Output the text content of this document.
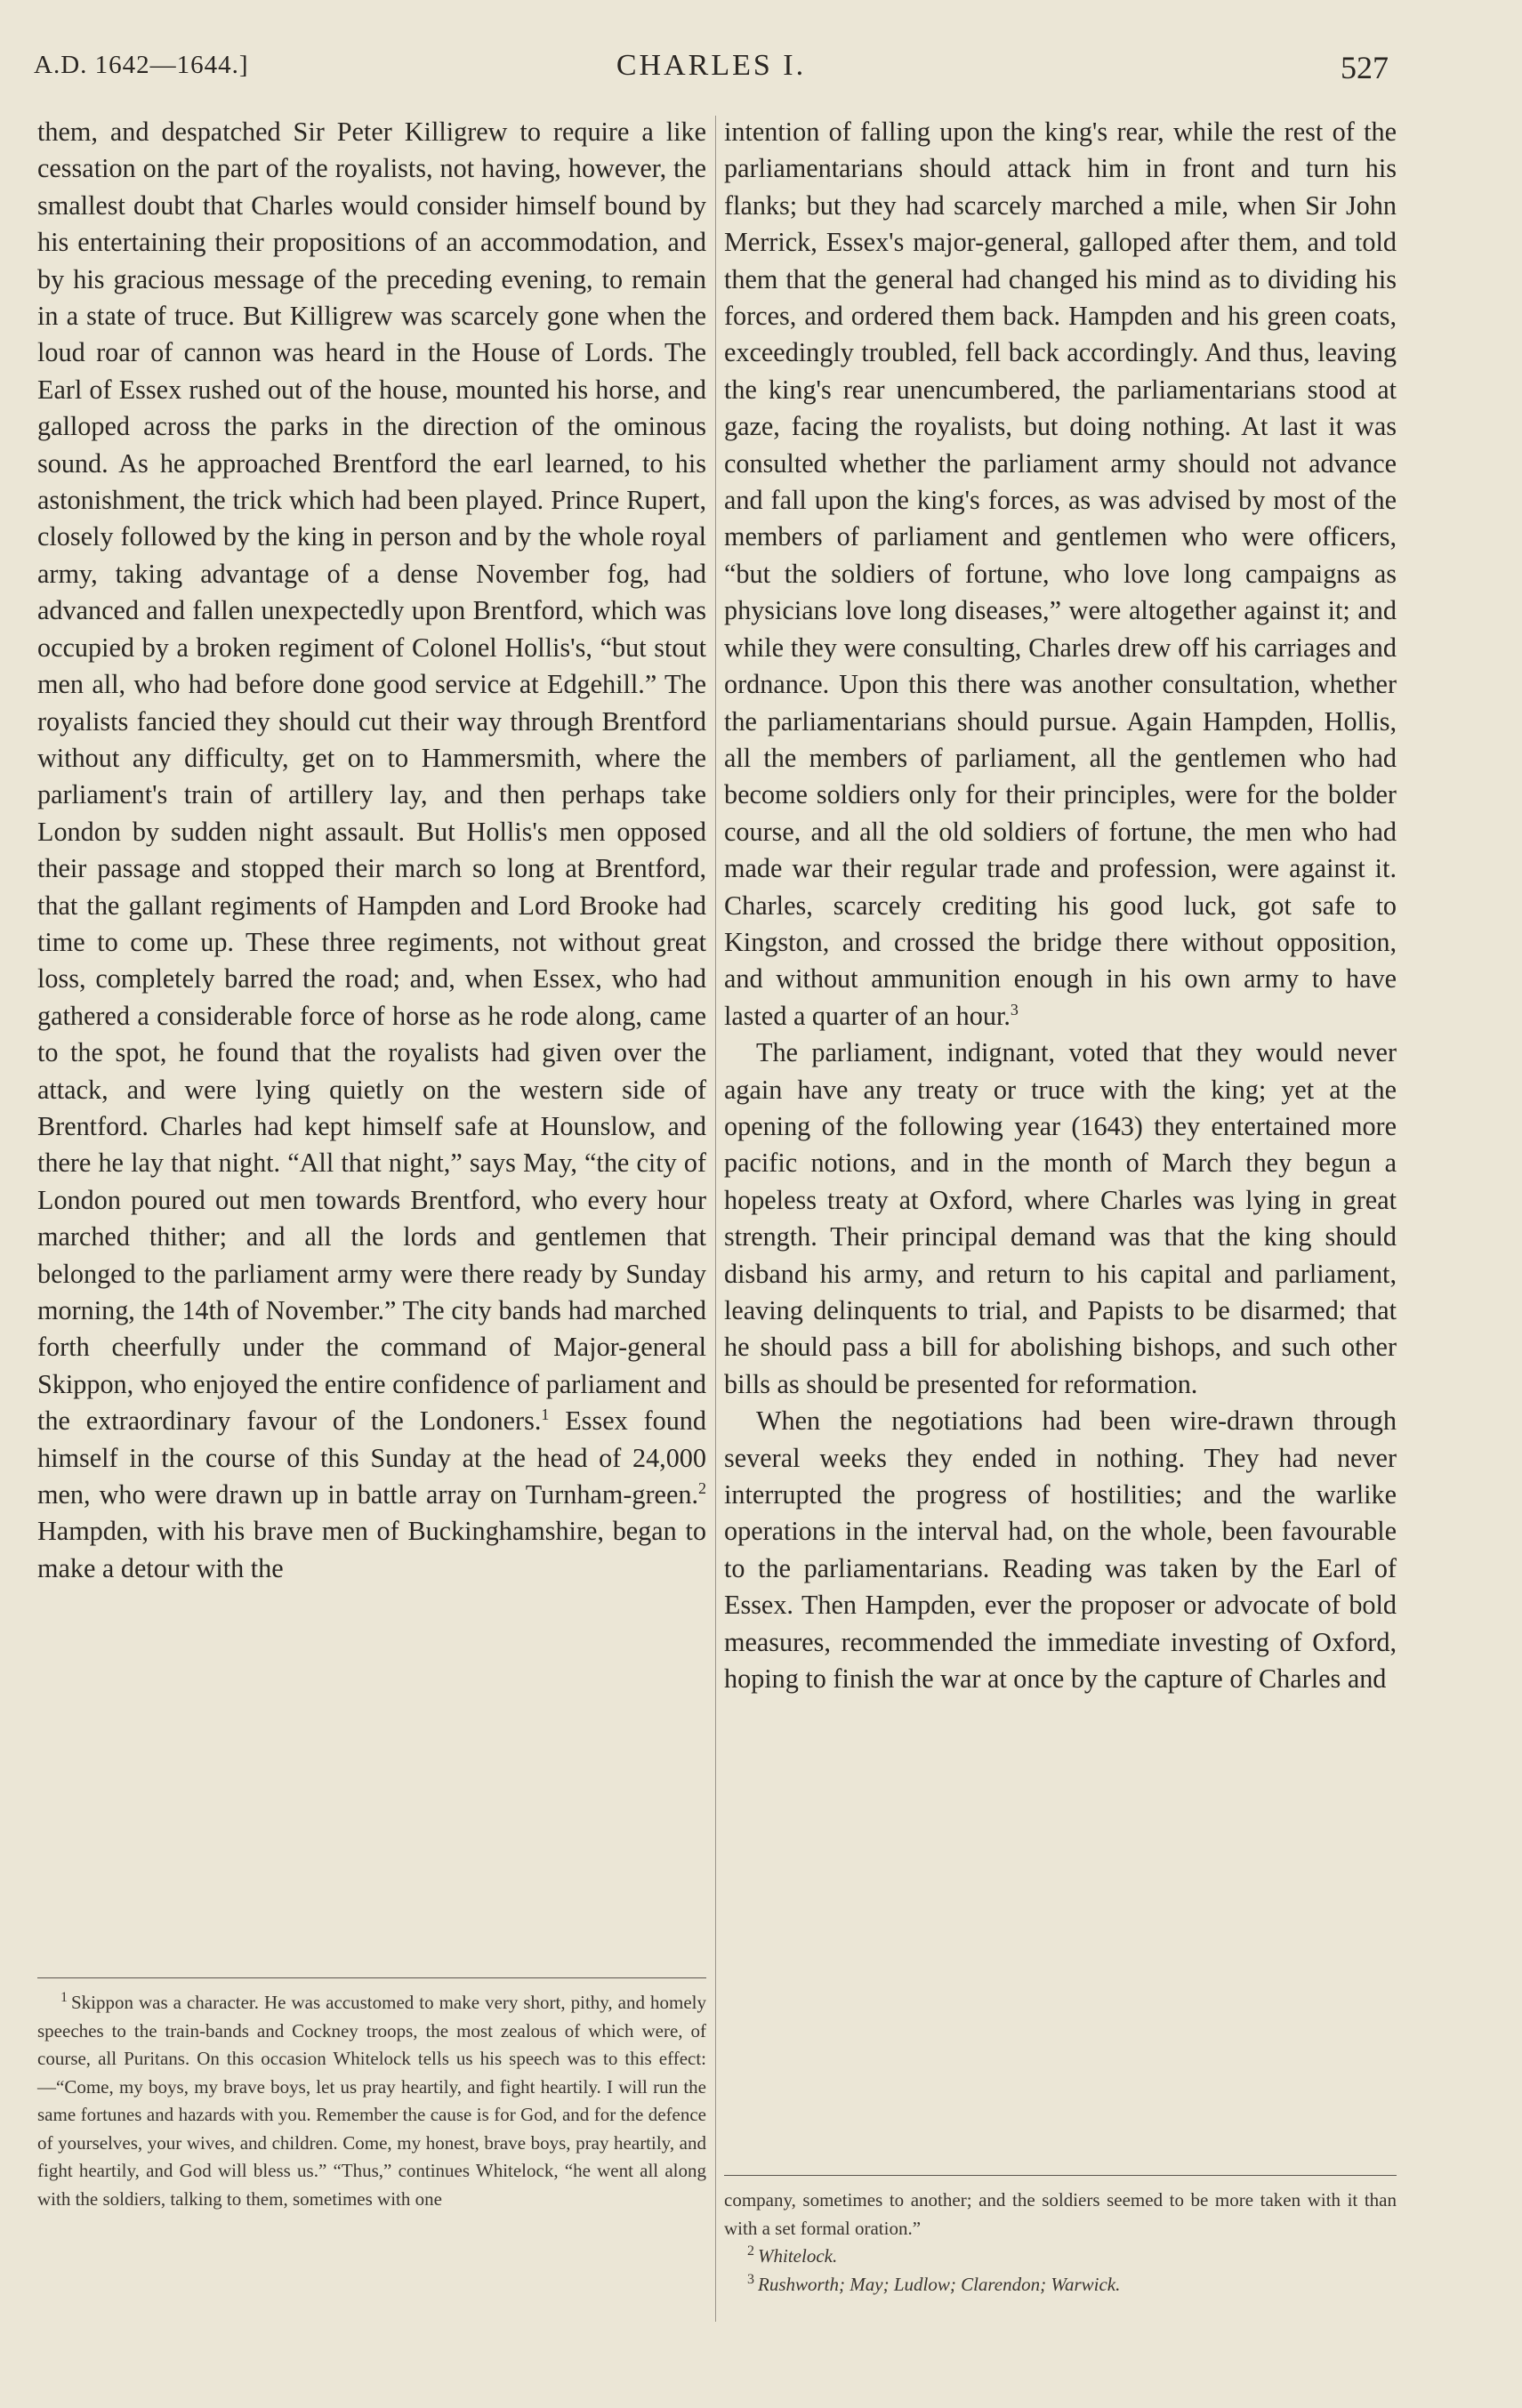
A.D. 1642—1644.]	CHARLES I.	527

them, and despatched Sir Peter Killigrew to require a like cessation on the part of the royalists, not having, however, the smallest doubt that Charles would consider himself bound by his entertaining their propositions of an accommodation, and by his gracious message of the preceding evening, to remain in a state of truce. But Killigrew was scarcely gone when the loud roar of cannon was heard in the House of Lords. The Earl of Essex rushed out of the house, mounted his horse, and galloped across the parks in the direction of the ominous sound. As he approached Brentford the earl learned, to his astonishment, the trick which had been played. Prince Rupert, closely followed by the king in person and by the whole royal army, taking advantage of a dense November fog, had advanced and fallen unexpectedly upon Brentford, which was occupied by a broken regiment of Colonel Hollis's, “but stout men all, who had before done good service at Edgehill.” The royalists fancied they should cut their way through Brentford without any difficulty, get on to Hammersmith, where the parliament's train of artillery lay, and then perhaps take London by sudden night assault. But Hollis's men opposed their passage and stopped their march so long at Brentford, that the gallant regiments of Hampden and Lord Brooke had time to come up. These three regiments, not without great loss, completely barred the road; and, when Essex, who had gathered a considerable force of horse as he rode along, came to the spot, he found that the royalists had given over the attack, and were lying quietly on the western side of Brentford. Charles had kept himself safe at Hounslow, and there he lay that night. “All that night,” says May, “the city of London poured out men towards Brentford, who every hour marched thither; and all the lords and gentlemen that belonged to the parliament army were there ready by Sunday morning, the 14th of November.” The city bands had marched forth cheerfully under the command of Major-general Skippon, who enjoyed the entire confidence of parliament and the extraordinary favour of the Londoners.$^1$ Essex found himself in the course of this Sunday at the head of 24,000 men, who were drawn up in battle array on Turnham-green.$^2$ Hampden, with his brave men of Buckinghamshire, began to make a detour with the

intention of falling upon the king's rear, while the rest of the parliamentarians should attack him in front and turn his flanks; but they had scarcely marched a mile, when Sir John Merrick, Essex's major-general, galloped after them, and told them that the general had changed his mind as to dividing his forces, and ordered them back. Hampden and his green coats, exceedingly troubled, fell back accordingly. And thus, leaving the king's rear unencumbered, the parliamentarians stood at gaze, facing the royalists, but doing nothing. At last it was consulted whether the parliament army should not advance and fall upon the king's forces, as was advised by most of the members of parliament and gentlemen who were officers, “but the soldiers of fortune, who love long campaigns as physicians love long diseases,” were altogether against it; and while they were consulting, Charles drew off his carriages and ordnance. Upon this there was another consultation, whether the parliamentarians should pursue. Again Hampden, Hollis, all the members of parliament, all the gentlemen who had become soldiers only for their principles, were for the bolder course, and all the old soldiers of fortune, the men who had made war their regular trade and profession, were against it. Charles, scarcely crediting his good luck, got safe to Kingston, and crossed the bridge there without opposition, and without ammunition enough in his own army to have lasted a quarter of an hour.$^3$

The parliament, indignant, voted that they would never again have any treaty or truce with the king; yet at the opening of the following year (1643) they entertained more pacific notions, and in the month of March they begun a hopeless treaty at Oxford, where Charles was lying in great strength. Their principal demand was that the king should disband his army, and return to his capital and parliament, leaving delinquents to trial, and Papists to be disarmed; that he should pass a bill for abolishing bishops, and such other bills as should be presented for reformation.

When the negotiations had been wire-drawn through several weeks they ended in nothing. They had never interrupted the progress of hostilities; and the warlike operations in the interval had, on the whole, been favourable to the parliamentarians. Reading was taken by the Earl of Essex. Then Hampden, ever the proposer or advocate of bold measures, recommended the immediate investing of Oxford, hoping to finish the war at once by the capture of Charles and

$^1$ Skippon was a character. He was accustomed to make very short, pithy, and homely speeches to the train-bands and Cockney troops, the most zealous of which were, of course, all Puritans. On this occasion Whitelock tells us his speech was to this effect:—“Come, my boys, my brave boys, let us pray heartily, and fight heartily. I will run the same fortunes and hazards with you. Remember the cause is for God, and for the defence of yourselves, your wives, and children. Come, my honest, brave boys, pray heartily, and fight heartily, and God will bless us.” “Thus,” continues Whitelock, “he went all along with the soldiers, talking to them, sometimes with one	company, sometimes to another; and the soldiers seemed to be more taken with it than with a set formal oration.”

$^2$ Whitelock.

$^3$ Rushworth; May; Ludlow; Clarendon; Warwick.
